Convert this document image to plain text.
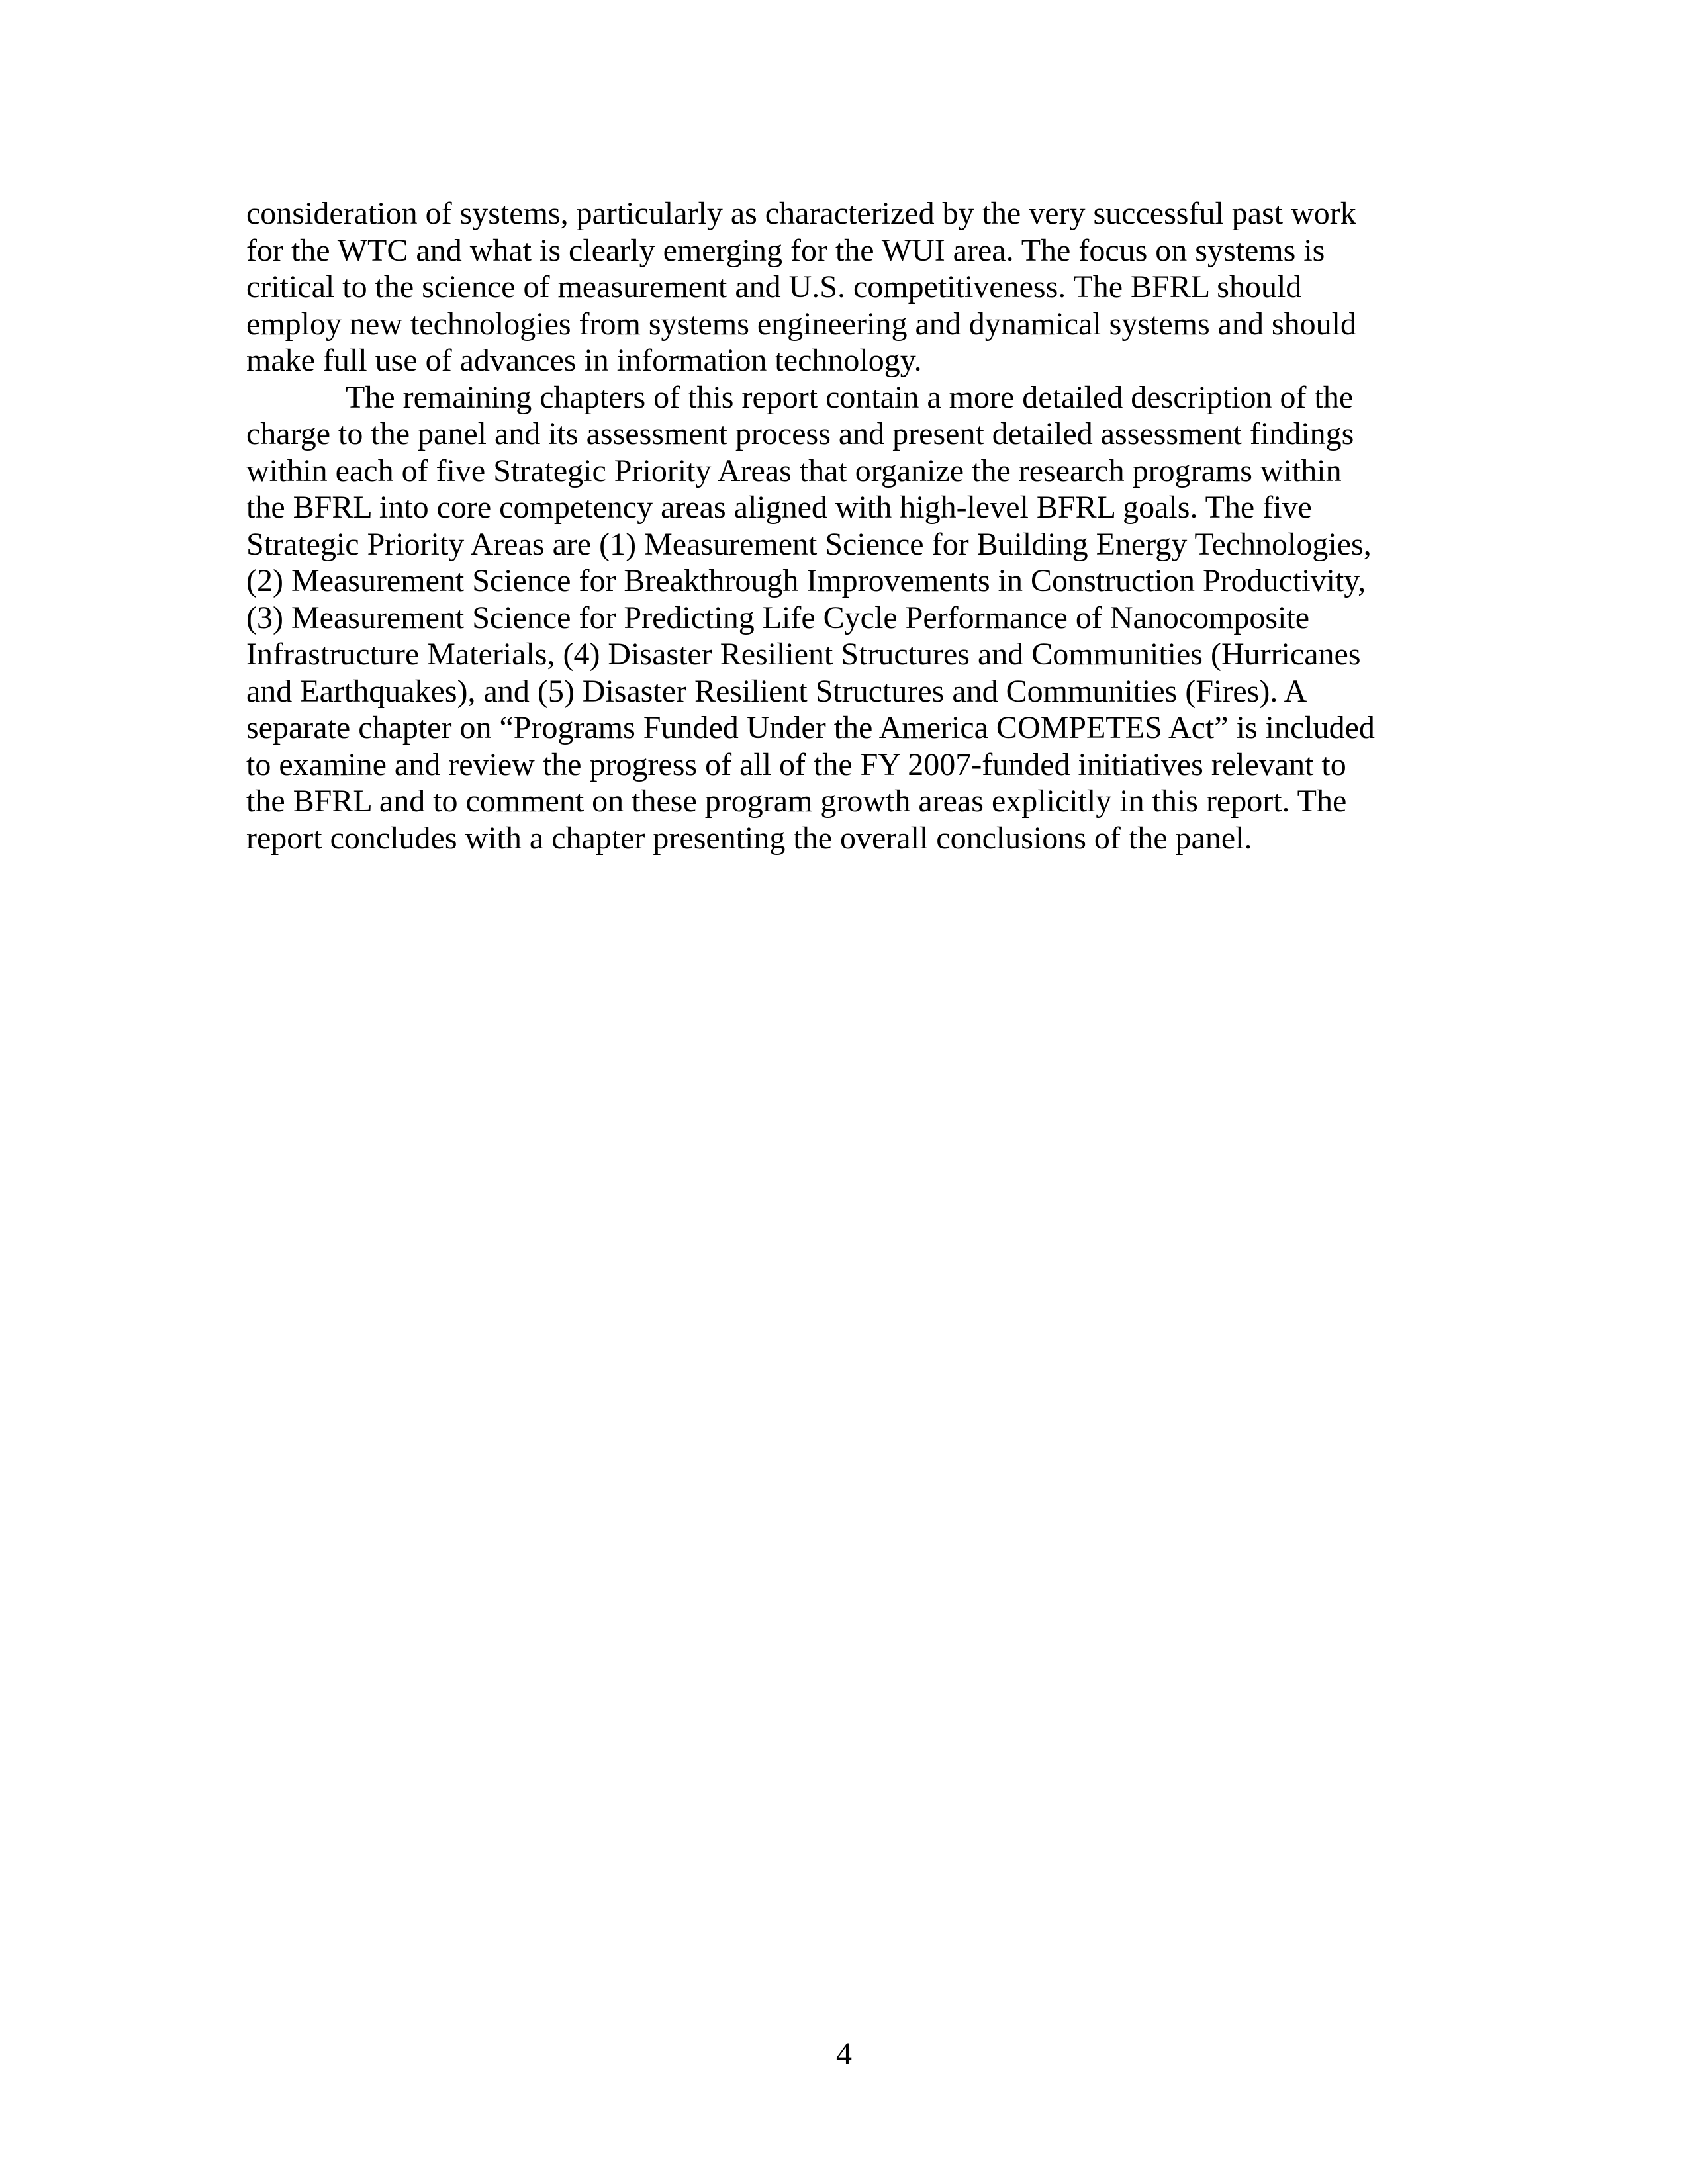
consideration of systems, particularly as characterized by the very successful past work
for the WTC and what is clearly emerging for the WUI area. The focus on systems is
critical to the science of measurement and U.S. competitiveness. The BFRL should
employ new technologies from systems engineering and dynamical systems and should
make full use of advances in information technology.
The remaining chapters of this report contain a more detailed description of the
charge to the panel and its assessment process and present detailed assessment findings
within each of five Strategic Priority Areas that organize the research programs within
the BFRL into core competency areas aligned with high-level BFRL goals. The five
Strategic Priority Areas are (1) Measurement Science for Building Energy Technologies,
(2) Measurement Science for Breakthrough Improvements in Construction Productivity,
(3) Measurement Science for Predicting Life Cycle Performance of Nanocomposite
Infrastructure Materials, (4) Disaster Resilient Structures and Communities (Hurricanes
and Earthquakes), and (5) Disaster Resilient Structures and Communities (Fires). A
separate chapter on “Programs Funded Under the America COMPETES Act” is included
to examine and review the progress of all of the FY 2007-funded initiatives relevant to
the BFRL and to comment on these program growth areas explicitly in this report. The
report concludes with a chapter presenting the overall conclusions of the panel.
4
